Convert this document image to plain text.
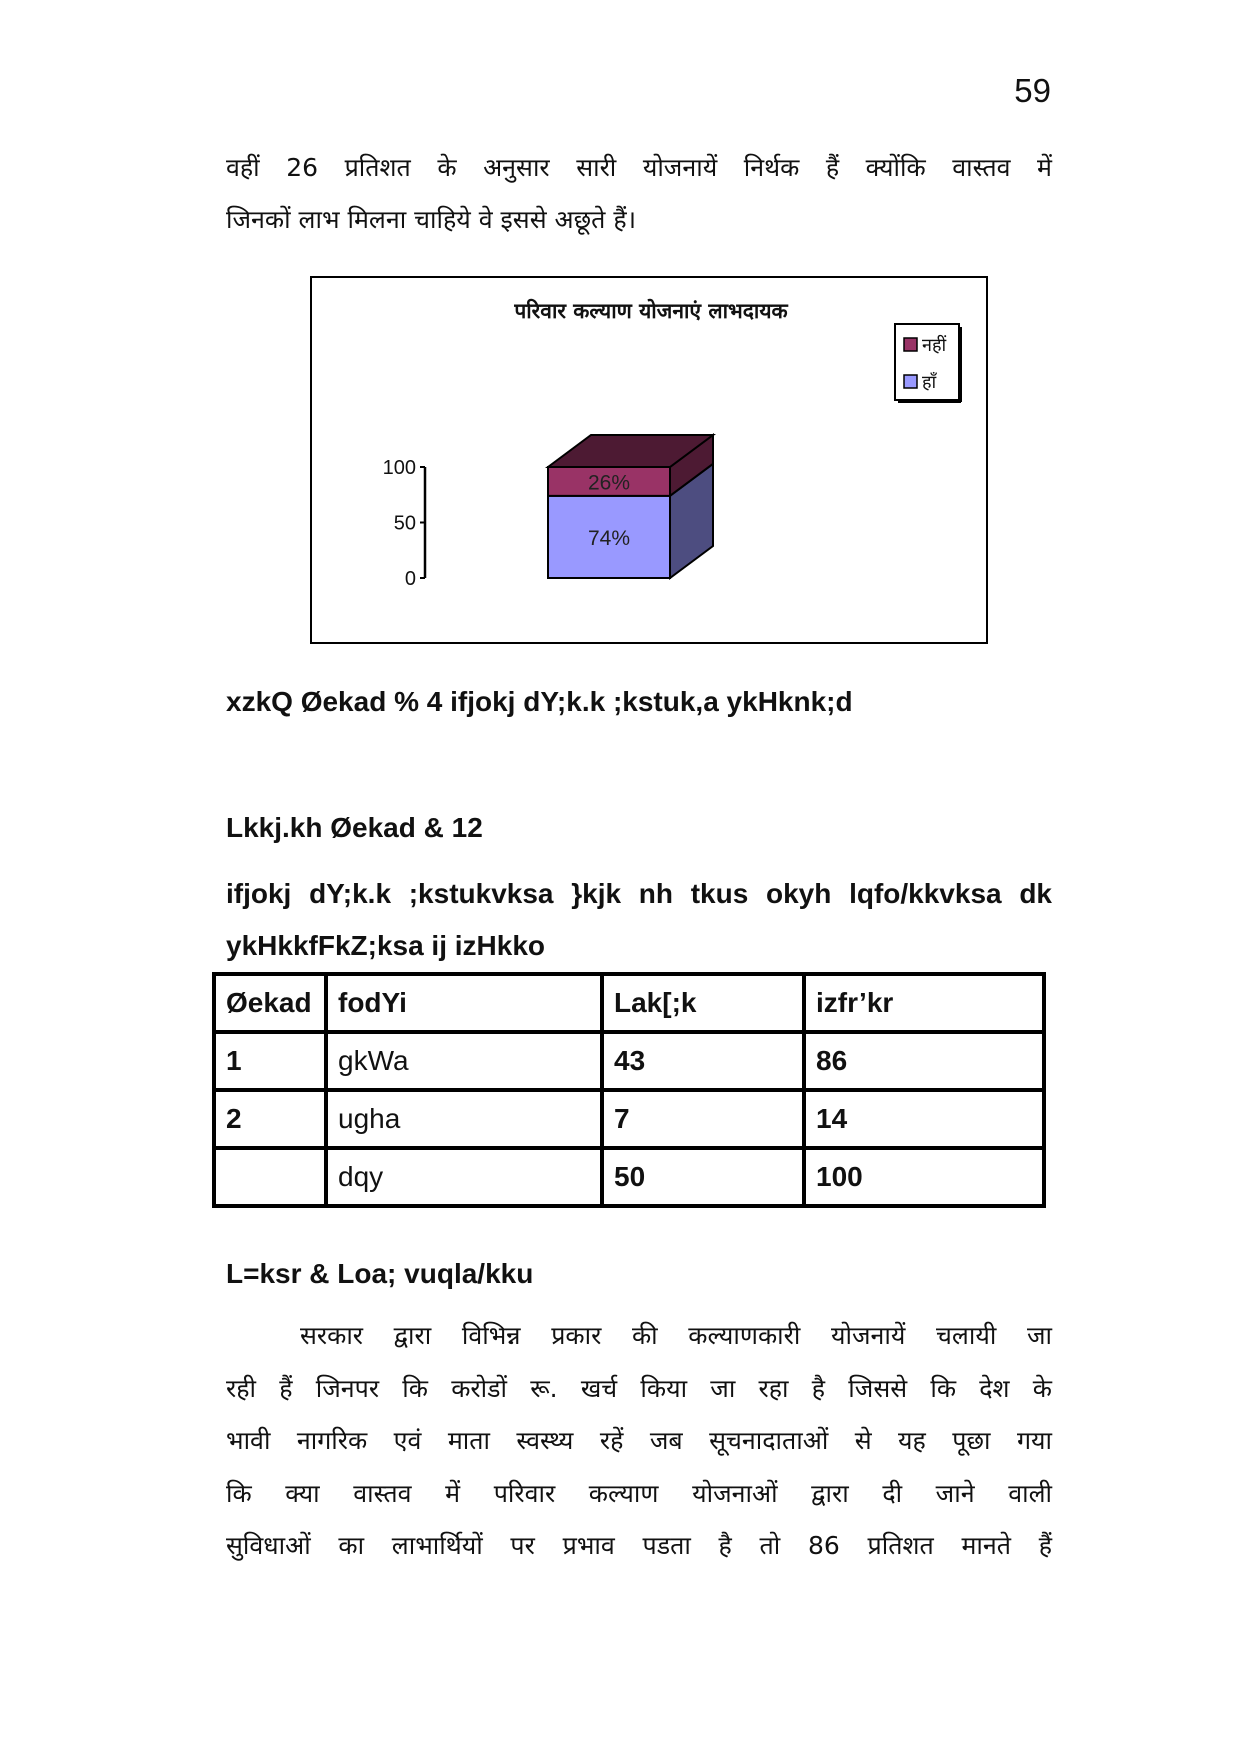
59
वहीं 26 प्रतिशत के अनुसार सारी योजनायें निर्थक हैं क्योंकि वास्तव में
जिनकों लाभ मिलना चाहिये वे इससे अछूते हैं।
परिवार कल्याण योजनाएं लाभदायक
0
50
100
74%
26%
नहीं
हाँ
xzkQ Øekad % 4 ifjokj dY;k.k ;kstuk,a ykHknk;d
Lkkj.kh Øekad & 12
ifjokj dY;k.k ;kstukvksa }kjk nh tkus okyh lqfo/kkvksa dk
ykHkkfFkZ;ksa ij izHkko
Øekad	fodYi	Lak[;k	izfr’kr
1	gkWa	43	86
2	ugha	7	14
	dqy	50	100
L=ksr & Loa; vuqla/kku
सरकार द्वारा विभिन्न प्रकार की कल्याणकारी योजनायें चलायी जा
रही हैं जिनपर कि करोडों रू. खर्च किया जा रहा है जिससे कि देश के
भावी नागरिक एवं माता स्वस्थ्य रहें जब सूचनादाताओं से यह पूछा गया
कि क्या वास्तव में परिवार कल्याण योजनाओं द्वारा दी जाने वाली
सुविधाओं का लाभार्थियों पर प्रभाव पडता है तो 86 प्रतिशत मानते हैं
